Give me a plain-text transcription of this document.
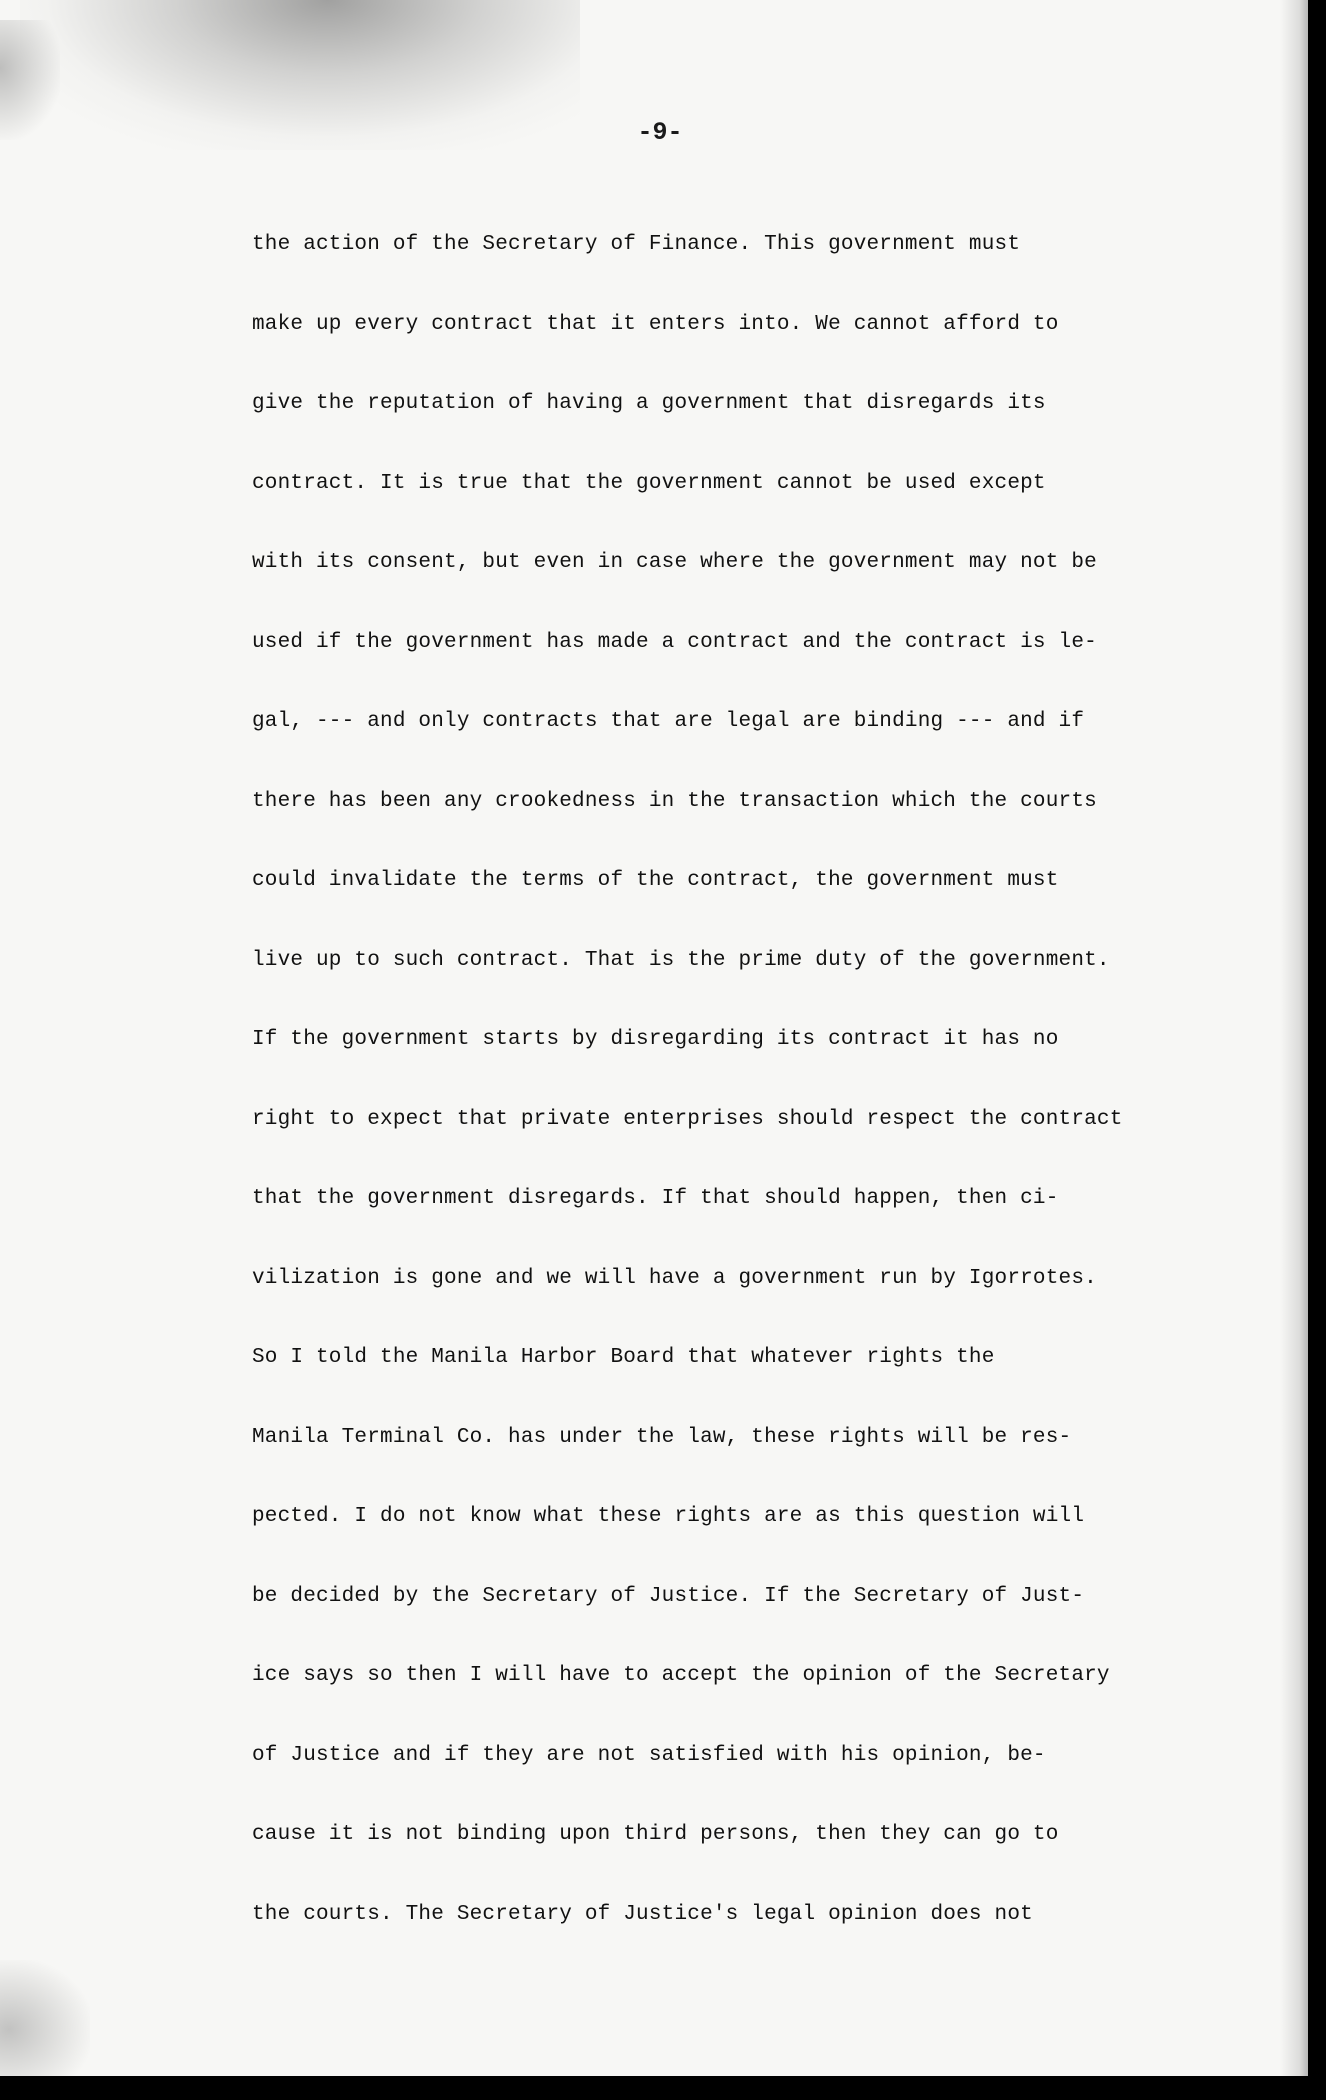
-9-
the action of the Secretary of Finance. This government must
make up every contract that it enters into. We cannot afford to
give the reputation of having a government that disregards its
contract. It is true that the government cannot be used except
with its consent, but even in case where the government may not be
used if the government has made a contract and the contract is le-
gal, --- and only contracts that are legal are binding --- and if
there has been any crookedness in the transaction which the courts
could invalidate the terms of the contract, the government must
live up to such contract. That is the prime duty of the government.
If the government starts by disregarding its contract it has no
right to expect that private enterprises should respect the contract
that the government disregards. If that should happen, then ci-
vilization is gone and we will have a government run by Igorrotes.
So I told the Manila Harbor Board that whatever rights the
Manila Terminal Co. has under the law, these rights will be res-
pected. I do not know what these rights are as this question will
be decided by the Secretary of Justice. If the Secretary of Just-
ice says so then I will have to accept the opinion of the Secretary
of Justice and if they are not satisfied with his opinion, be-
cause it is not binding upon third persons, then they can go to
the courts. The Secretary of Justice's legal opinion does not
